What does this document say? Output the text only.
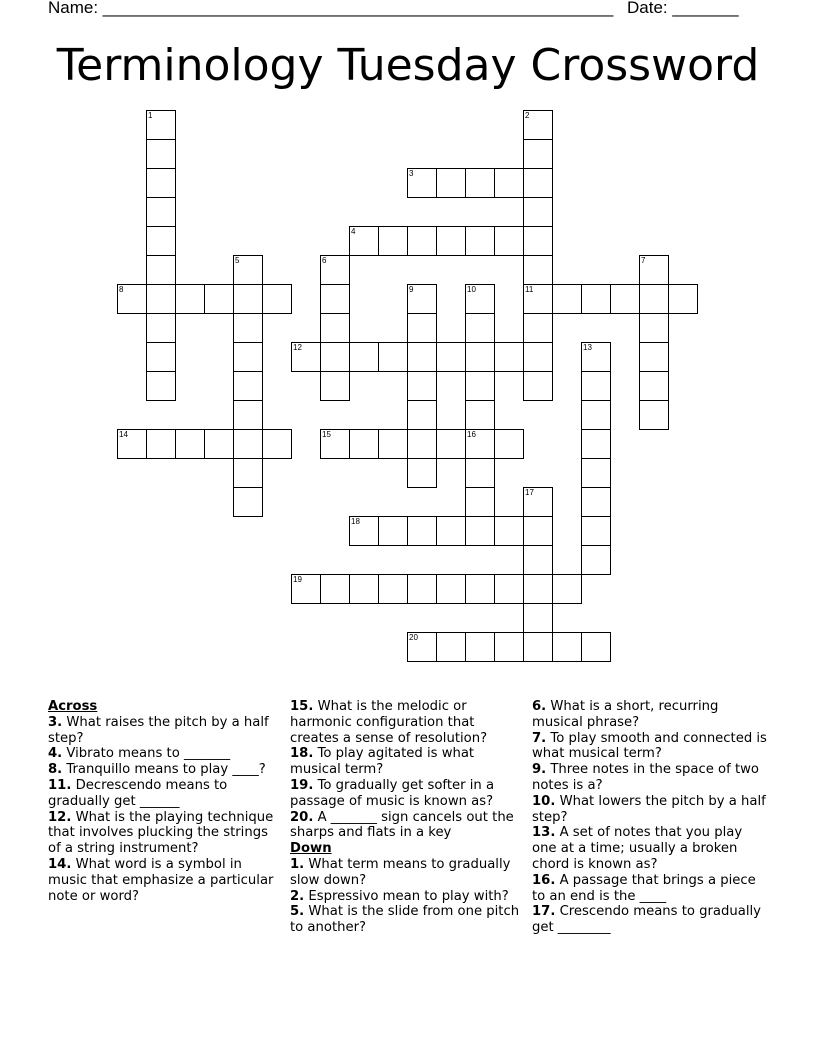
Name: ______________________________________________________ Date: _______
Terminology Tuesday Crossword
3
4
8	11
12
14	15	16
18
19
20
1	2
5	6	7
9	10
13
17
Across
3. What raises the pitch by a half step?
4. Vibrato means to _______
8. Tranquillo means to play ____?
11. Decrescendo means to gradually get ______
12. What is the playing technique that involves plucking the strings of a string instrument?
14. What word is a symbol in music that emphasize a particular note or word?
15. What is the melodic or harmonic configuration that creates a sense of resolution?
18. To play agitated is what musical term?
19. To gradually get softer in a passage of music is known as?
20. A _______ sign cancels out the sharps and flats in a key
Down
1. What term means to gradually slow down?
2. Espressivo mean to play with?
5. What is the slide from one pitch to another?
6. What is a short, recurring musical phrase?
7. To play smooth and connected is what musical term?
9. Three notes in the space of two notes is a?
10. What lowers the pitch by a half step?
13. A set of notes that you play one at a time; usually a broken chord is known as?
16. A passage that brings a piece to an end is the ____
17. Crescendo means to gradually get ________
